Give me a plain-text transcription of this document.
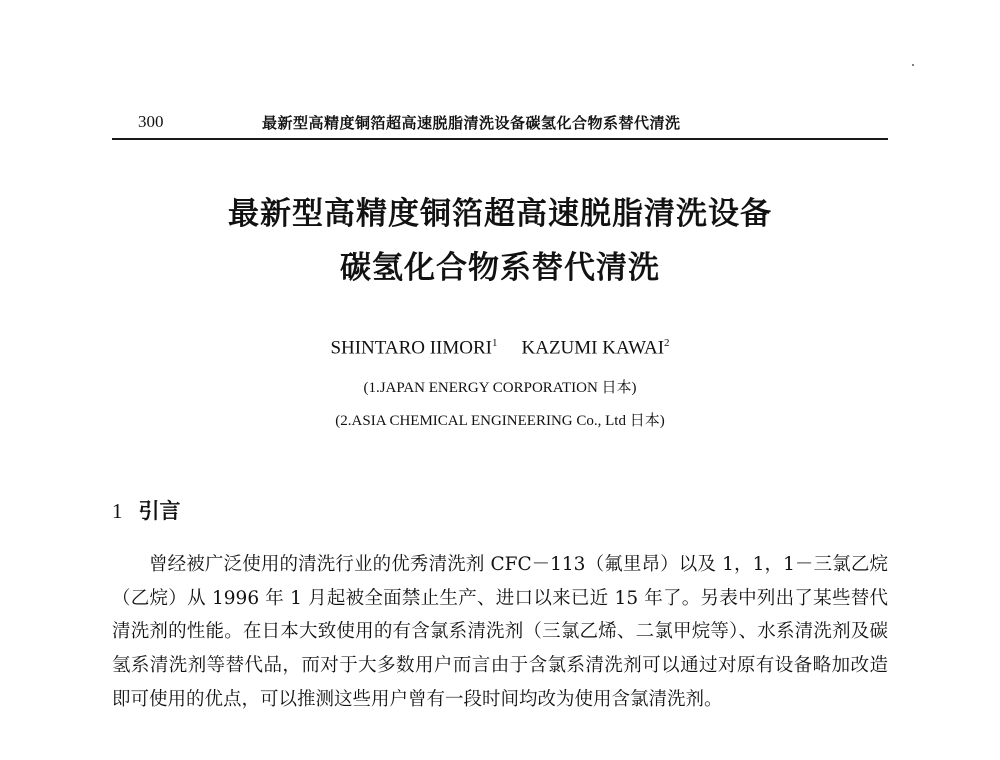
300	最新型高精度铜箔超高速脱脂清洗设备碳氢化合物系替代清洗
最新型高精度铜箔超高速脱脂清洗设备
碳氢化合物系替代清洗
SHINTARO IIMORI$^1$ KAZUMI KAWAI$^2$
(1.JAPAN ENERGY CORPORATION 日本)
(2.ASIA CHEMICAL ENGINEERING Co., Ltd 日本)
1 引言

曾经被广泛使用的清洗行业的优秀清洗剂 CFC－113（氟里昂）以及 1，1，1－三氯乙烷（乙烷）从 1996 年 1 月起被全面禁止生产、进口以来已近 15 年了。另表中列出了某些替代清洗剂的性能。在日本大致使用的有含氯系清洗剂（三氯乙烯、二氯甲烷等）、水系清洗剂及碳氢系清洗剂等替代品，而对于大多数用户而言由于含氯系清洗剂可以通过对原有设备略加改造即可使用的优点，可以推测这些用户曾有一段时间均改为使用含氯清洗剂。
